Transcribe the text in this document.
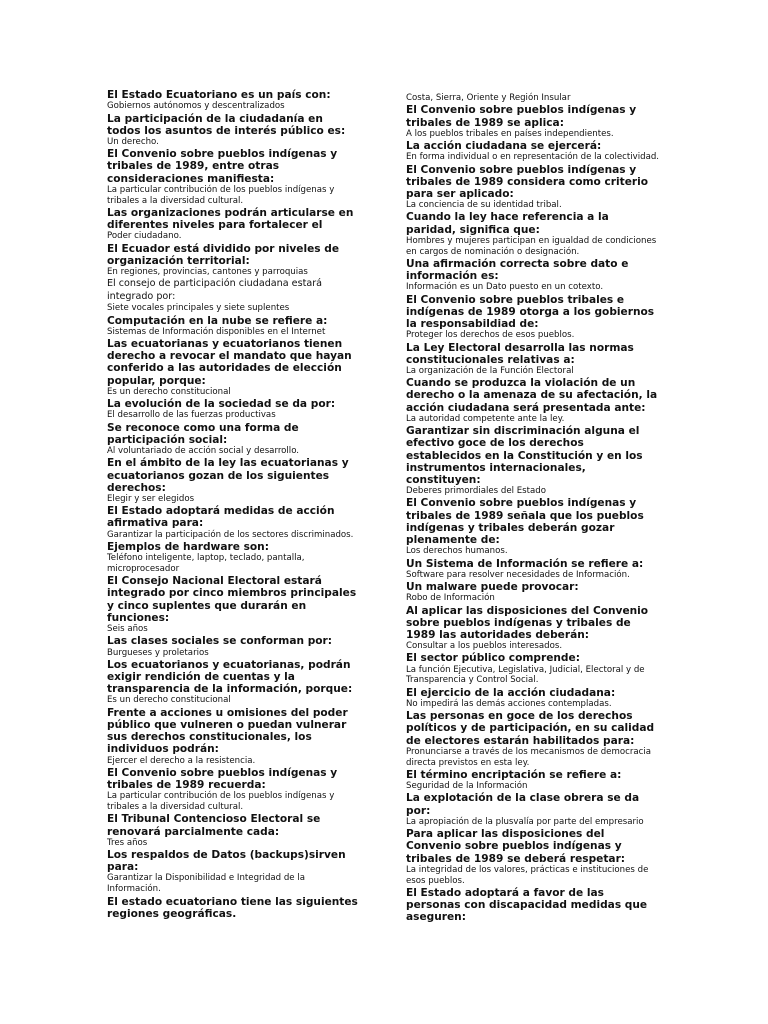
El Estado Ecuatoriano es un país con:

Gobiernos autónomos y descentralizados

La participación de la ciudadanía en todos los asuntos de interés público es:

Un derecho.

El Convenio sobre pueblos indígenas y tribales de 1989, entre otras consideraciones manifiesta:

La particular contribución de los pueblos indígenas y tribales a la diversidad cultural.

Las organizaciones podrán articularse en diferentes niveles para fortalecer el

Poder ciudadano.

El Ecuador está dividido por niveles de organización territorial:

En regiones, provincias, cantones y parroquias

El consejo de participación ciudadana estará integrado por:

Siete vocales principales y siete suplentes

Computación en la nube se refiere a:

Sistemas de Información disponibles en el Internet

Las ecuatorianas y ecuatorianos tienen derecho a revocar el mandato que hayan conferido a las autoridades de elección popular, porque:

Es un derecho constitucional

La evolución de la sociedad se da por:

El desarrollo de las fuerzas productivas

Se reconoce como una forma de participación social:

Al voluntariado de acción social y desarrollo.

En el ámbito de la ley las ecuatorianas y ecuatorianos gozan de los siguientes derechos:

Elegir y ser elegidos

El Estado adoptará medidas de acción afirmativa para:

Garantizar la participación de los sectores discriminados.

Ejemplos de hardware son:

Teléfono inteligente, laptop, teclado, pantalla, microprocesador

El Consejo Nacional Electoral estará integrado por cinco miembros principales y cinco suplentes que durarán en funciones:

Seis años

Las clases sociales se conforman por:

Burgueses y proletarios

Los ecuatorianos y ecuatorianas, podrán exigir rendición de cuentas y la transparencia de la información, porque:

Es un derecho constitucional

Frente a acciones u omisiones del poder público que vulneren o puedan vulnerar sus derechos constitucionales, los individuos podrán:

Ejercer el derecho a la resistencia.

El Convenio sobre pueblos indígenas y tribales de 1989 recuerda:

La particular contribución de los pueblos indígenas y tribales a la diversidad cultural.

El Tribunal Contencioso Electoral se renovará parcialmente cada:

Tres años

Los respaldos de Datos (backups)sirven para:

Garantizar la Disponibilidad e Integridad de la Información.

El estado ecuatoriano tiene las siguientes regiones geográficas.

Costa, Sierra, Oriente y Región Insular

El Convenio sobre pueblos indígenas y tribales de 1989 se aplica:

A los pueblos tribales en países independientes.

La acción ciudadana se ejercerá:

En forma individual o en representación de la colectividad.

El Convenio sobre pueblos indígenas y tribales de 1989 considera como criterio para ser aplicado:

La conciencia de su identidad tribal.

Cuando la ley hace referencia a la paridad, significa que:

Hombres y mujeres participan en igualdad de condiciones en cargos de nominación o designación.

Una afirmación correcta sobre dato e información es:

Información es un Dato puesto en un cotexto.

El Convenio sobre pueblos tribales e indígenas de 1989 otorga a los gobiernos la responsabildiad de:

Proteger los derechos de esos pueblos.

La Ley Electoral desarrolla las normas constitucionales relativas a:

La organización de la Función Electoral

Cuando se produzca la violación de un derecho o la amenaza de su afectación, la acción ciudadana será presentada ante:

La autoridad competente ante la ley.

Garantizar sin discriminación alguna el efectivo goce de los derechos establecidos en la Constitución y en los instrumentos internacionales, constituyen:

Deberes primordiales del Estado

El Convenio sobre pueblos indígenas y tribales de 1989 señala que los pueblos indígenas y tribales deberán gozar plenamente de:

Los derechos humanos.

Un Sistema de Información se refiere a:

Software para resolver necesidades de Información.

Un malware puede provocar:

Robo de Información

Al aplicar las disposiciones del Convenio sobre pueblos indígenas y tribales de 1989 las autoridades deberán:

Consultar a los pueblos interesados.

El sector público comprende:

La función Ejecutiva, Legislativa, Judicial, Electoral y de Transparencia y Control Social.

El ejercicio de la acción ciudadana:

No impedirá las demás acciones contempladas.

Las personas en goce de los derechos políticos y de participación, en su calidad de electores estarán habilitados para:

Pronunciarse a través de los mecanismos de democracia directa previstos en esta ley.

El término encriptación se refiere a:

Seguridad de la Información

La explotación de la clase obrera se da por:

La apropiación de la plusvalía por parte del empresario

Para aplicar las disposiciones del Convenio sobre pueblos indígenas y tribales de 1989 se deberá respetar:

La integridad de los valores, prácticas e instituciones de esos pueblos.

El Estado adoptará a favor de las personas con discapacidad medidas que aseguren:
